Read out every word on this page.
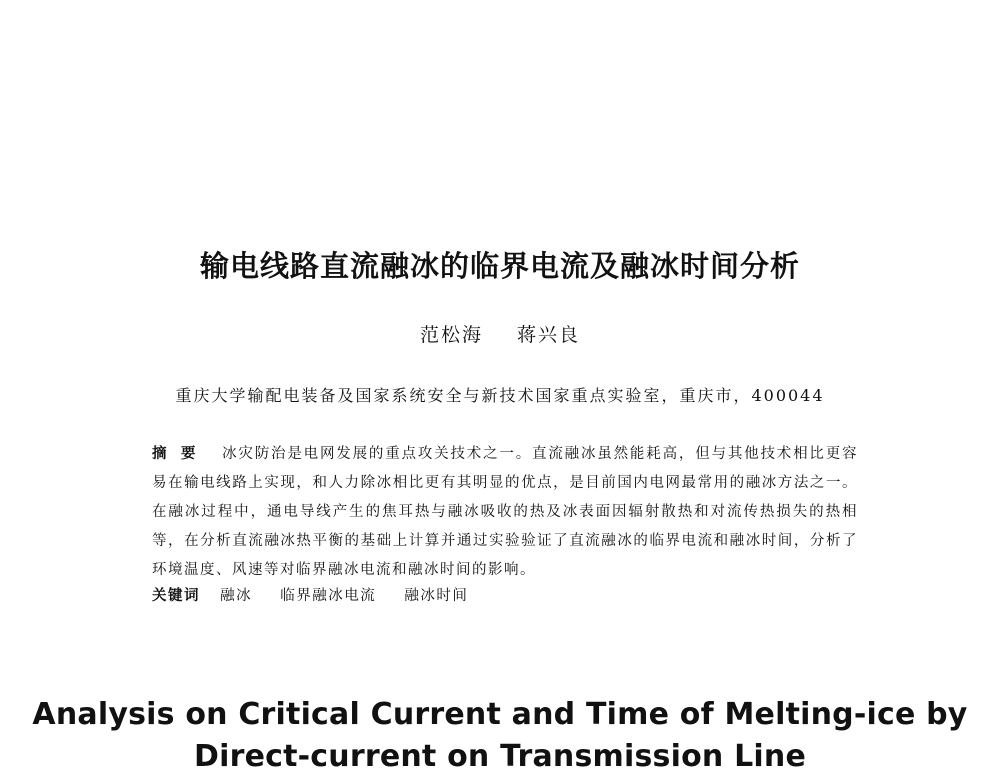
输电线路直流融冰的临界电流及融冰时间分析
范松海 蒋兴良
重庆大学输配电装备及国家系统安全与新技术国家重点实验室，重庆市，400044
摘要 冰灾防治是电网发展的重点攻关技术之一。直流融冰虽然能耗高，但与其他技术相比更容易在输电线路上实现，和人力除冰相比更有其明显的优点，是目前国内电网最常用的融冰方法之一。在融冰过程中，通电导线产生的焦耳热与融冰吸收的热及冰表面因辐射散热和对流传热损失的热相等，在分析直流融冰热平衡的基础上计算并通过实验验证了直流融冰的临界电流和融冰时间，分析了环境温度、风速等对临界融冰电流和融冰时间的影响。
关键词 融冰 临界融冰电流 融冰时间
Analysis on Critical Current and Time of Melting-ice by
Direct-current on Transmission Line
